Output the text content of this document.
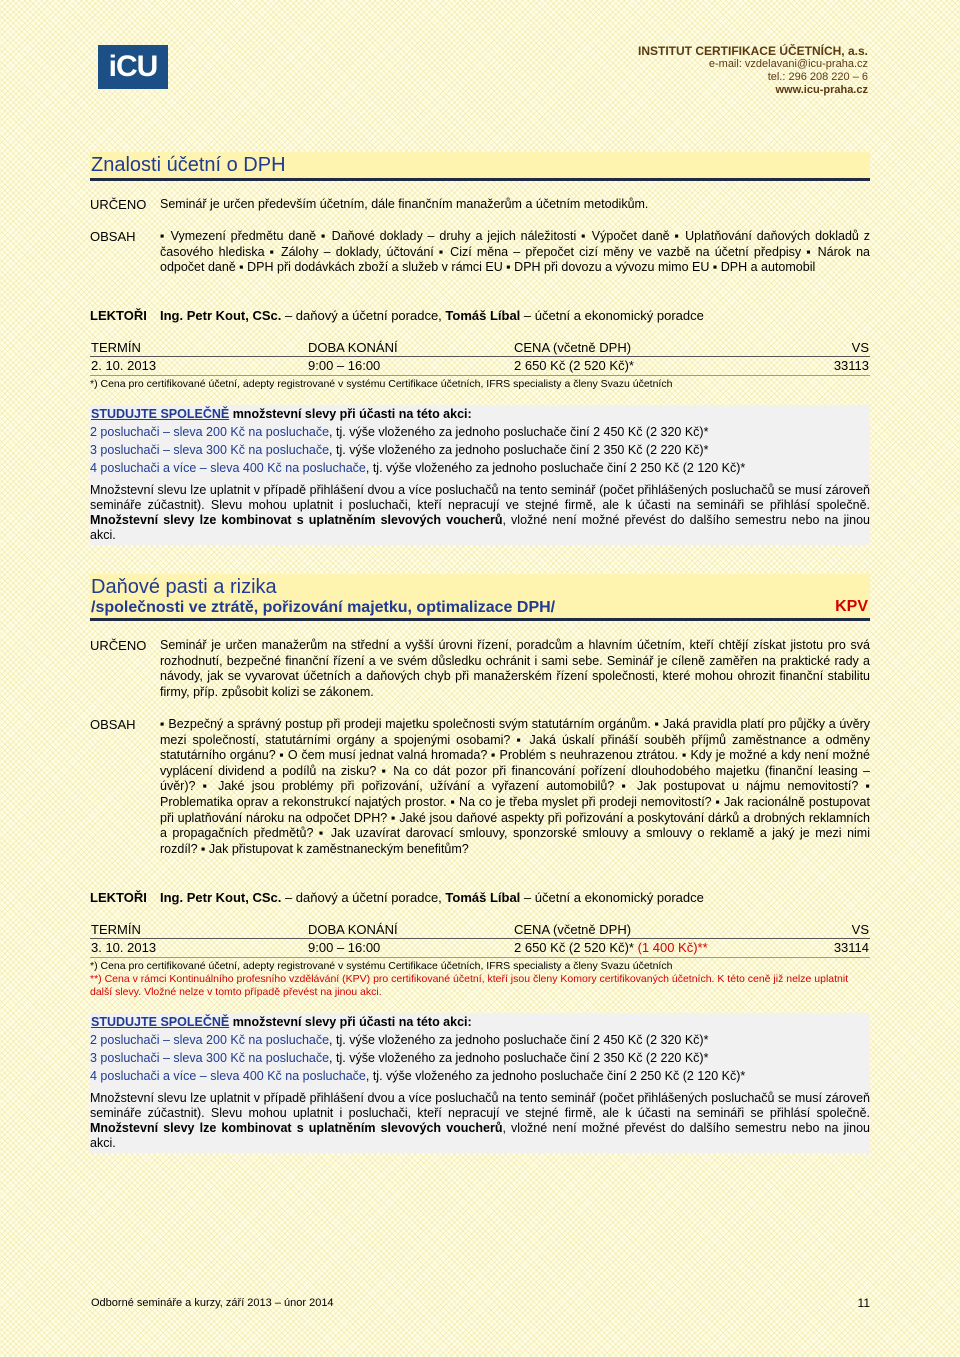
iCU	INSTITUT CERTIFIKACE ÚČETNÍCH, a.s.
e-mail: vzdelavani@icu-praha.cz
tel.: 296 208 220 – 6
www.icu-praha.cz
Znalosti účetní o DPH
URČENO Seminář je určen především účetním, dále finančním manažerům a účetním metodikům.
OBSAH ▪ Vymezení předmětu daně ▪ Daňové doklady – druhy a jejich náležitosti ▪ Výpočet daně ▪ Uplatňování daňových dokladů z časového hlediska ▪ Zálohy – doklady, účtování ▪ Cizí měna – přepočet cizí měny ve vazbě na účetní předpisy ▪ Nárok na odpočet daně ▪ DPH při dodávkách zboží a služeb v rámci EU ▪ DPH při dovozu a vývozu mimo EU ▪ DPH a automobil
LEKTOŘI Ing. Petr Kout, CSc. – daňový a účetní poradce, Tomáš Líbal – účetní a ekonomický poradce
TERMÍN	DOBA KONÁNÍ	CENA (včetně DPH)	VS
2. 10. 2013	9:00 – 16:00	2 650 Kč (2 520 Kč)*	33113
*) Cena pro certifikované účetní, adepty registrované v systému Certifikace účetních, IFRS specialisty a členy Svazu účetních
STUDUJTE SPOLEČNĚ množstevní slevy při účasti na této akci:
2 posluchači – sleva 200 Kč na posluchače, tj. výše vloženého za jednoho posluchače činí 2 450 Kč (2 320 Kč)*
3 posluchači – sleva 300 Kč na posluchače, tj. výše vloženého za jednoho posluchače činí 2 350 Kč (2 220 Kč)*
4 posluchači a více – sleva 400 Kč na posluchače, tj. výše vloženého za jednoho posluchače činí 2 250 Kč (2 120 Kč)*
Množstevní slevu lze uplatnit v případě přihlášení dvou a více posluchačů na tento seminář (počet přihlášených posluchačů se musí zároveň semináře zúčastnit). Slevu mohou uplatnit i posluchači, kteří nepracují ve stejné firmě, ale k účasti na semináři se přihlásí společně. Množstevní slevy lze kombinovat s uplatněním slevových voucherů, vložné není možné převést do dalšího semestru nebo na jinou akci.
Daňové pasti a rizika
/společnosti ve ztrátě, pořizování majetku, optimalizace DPH/	KPV
URČENO Seminář je určen manažerům na střední a vyšší úrovni řízení, poradcům a hlavním účetním, kteří chtějí získat jistotu pro svá rozhodnutí, bezpečné finanční řízení a ve svém důsledku ochránit i sami sebe. Seminář je cíleně zaměřen na praktické rady a návody, jak se vyvarovat účetních a daňových chyb při manažerském řízení společnosti, které mohou ohrozit finanční stabilitu firmy, příp. způsobit kolizi se zákonem.
OBSAH ▪ Bezpečný a správný postup při prodeji majetku společnosti svým statutárním orgánům. ▪ Jaká pravidla platí pro půjčky a úvěry mezi společností, statutárními orgány a spojenými osobami? ▪ Jaká úskalí přináší souběh příjmů zaměstnance a odměny statutárního orgánu? ▪ O čem musí jednat valná hromada? ▪ Problém s neuhrazenou ztrátou. ▪ Kdy je možné a kdy není možné vyplácení dividend a podílů na zisku? ▪ Na co dát pozor při financování pořízení dlouhodobého majetku (finanční leasing – úvěr)? ▪ Jaké jsou problémy při pořizování, užívání a vyřazení automobilů? ▪ Jak postupovat u nájmu nemovitostí? ▪ Problematika oprav a rekonstrukcí najatých prostor. ▪ Na co je třeba myslet při prodeji nemovitostí? ▪ Jak racionálně postupovat při uplatňování nároku na odpočet DPH? ▪ Jaké jsou daňové aspekty při pořizování a poskytování dárků a drobných reklamních a propagačních předmětů? ▪ Jak uzavírat darovací smlouvy, sponzorské smlouvy a smlouvy o reklamě a jaký je mezi nimi rozdíl? ▪ Jak přistupovat k zaměstnaneckým benefitům?
LEKTOŘI Ing. Petr Kout, CSc. – daňový a účetní poradce, Tomáš Líbal – účetní a ekonomický poradce
TERMÍN	DOBA KONÁNÍ	CENA (včetně DPH)	VS
3. 10. 2013	9:00 – 16:00	2 650 Kč (2 520 Kč)* (1 400 Kč)**	33114
*) Cena pro certifikované účetní, adepty registrované v systému Certifikace účetních, IFRS specialisty a členy Svazu účetních
**) Cena v rámci Kontinuálního profesního vzdělávání (KPV) pro certifikované účetní, kteří jsou členy Komory certifikovaných účetních. K této ceně již nelze uplatnit další slevy. Vložné nelze v tomto případě převést na jinou akci.
STUDUJTE SPOLEČNĚ množstevní slevy při účasti na této akci:
2 posluchači – sleva 200 Kč na posluchače, tj. výše vloženého za jednoho posluchače činí 2 450 Kč (2 320 Kč)*
3 posluchači – sleva 300 Kč na posluchače, tj. výše vloženého za jednoho posluchače činí 2 350 Kč (2 220 Kč)*
4 posluchači a více – sleva 400 Kč na posluchače, tj. výše vloženého za jednoho posluchače činí 2 250 Kč (2 120 Kč)*
Množstevní slevu lze uplatnit v případě přihlášení dvou a více posluchačů na tento seminář (počet přihlášených posluchačů se musí zároveň semináře zúčastnit). Slevu mohou uplatnit i posluchači, kteří nepracují ve stejné firmě, ale k účasti na semináři se přihlásí společně. Množstevní slevy lze kombinovat s uplatněním slevových voucherů, vložné není možné převést do dalšího semestru nebo na jinou akci.
Odborné semináře a kurzy, září 2013 – únor 2014	11
